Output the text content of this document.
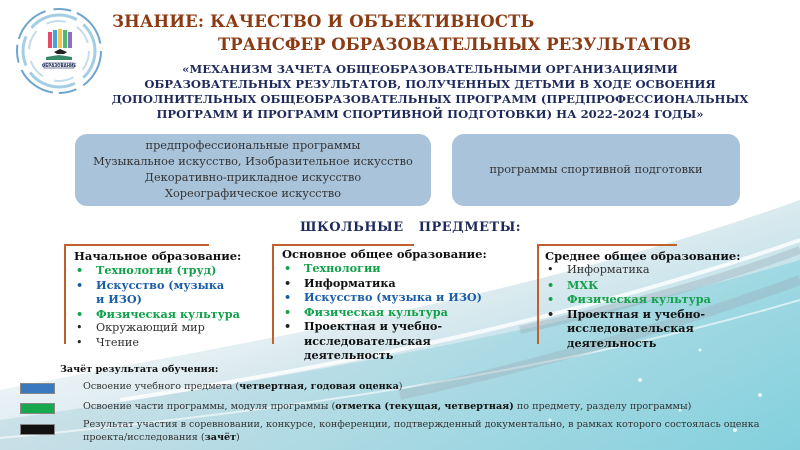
ОБРАЗОВАНИЕ
ЗНАНИЕ: КАЧЕСТВО И ОБЪЕКТИВНОСТЬ
ТРАНСФЕР ОБРАЗОВАТЕЛЬНЫХ РЕЗУЛЬТАТОВ
«МЕХАНИЗМ ЗАЧЕТА ОБЩЕОБРАЗОВАТЕЛЬНЫМИ ОРГАНИЗАЦИЯМИ
ОБРАЗОВАТЕЛЬНЫХ РЕЗУЛЬТАТОВ, ПОЛУЧЕННЫХ ДЕТЬМИ В ХОДЕ ОСВОЕНИЯ
ДОПОЛНИТЕЛЬНЫХ ОБЩЕОБРАЗОВАТЕЛЬНЫХ ПРОГРАММ (ПРЕДПРОФЕССИОНАЛЬНЫХ
ПРОГРАММ И ПРОГРАММ СПОРТИВНОЙ ПОДГОТОВКИ) НА 2022-2024 ГОДЫ»
предпрофессиональные программы
Музыкальное искусство, Изобразительное искусство
Декоративно-прикладное искусство
Хореографическое искусство
программы спортивной подготовки
ШКОЛЬНЫЕ ПРЕДМЕТЫ:
Начальное образование:
• Технологии (труд)
• Искусство (музыка и ИЗО)
• Физическая культура
• Окружающий мир
• Чтение
Основное общее образование:
• Технологии
• Информатика
• Искусство (музыка и ИЗО)
• Физическая культура
• Проектная и учебно-исследовательская деятельность
Среднее общее образование:
• Информатика
• МХК
• Физическая культура
• Проектная и учебно-исследовательская деятельность
Зачёт результата обучения:
Освоение учебного предмета (четвертная, годовая оценка)
Освоение части программы, модуля программы (отметка (текущая, четвертная) по предмету, разделу программы)
Результат участия в соревновании, конкурсе, конференции, подтвержденный документально, в рамках которого состоялась оценка проекта/исследования (зачёт)
